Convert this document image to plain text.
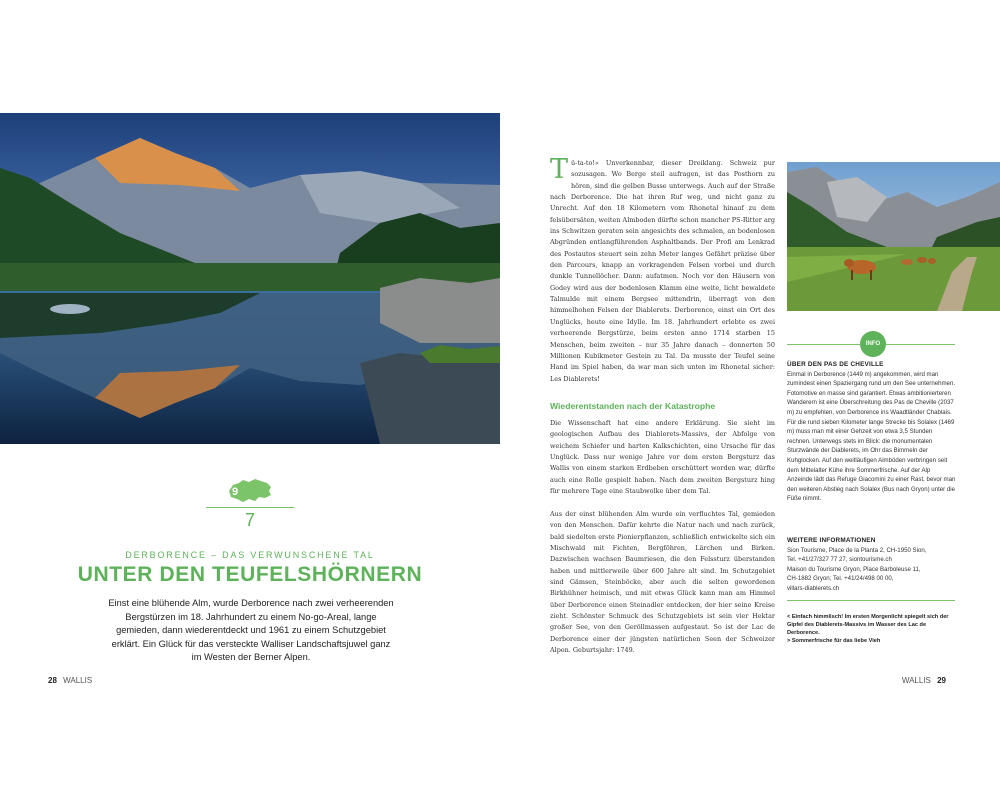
9
7
DERBORENCE – DAS VERWUNSCHENE TAL
UNTER DEN TEUFELSHÖRNERN
Einst eine blühende Alm, wurde Derborence nach zwei verheerenden Bergstürzen im 18. Jahrhundert zu einem No-go-Areal, lange gemieden, dann wiederentdeckt und 1961 zu einem Schutzgebiet erklärt. Ein Glück für das versteckte Walliser Landschaftsjuwel ganz im Westen der Berner Alpen.
28 WALLIS
T ü-ta-to!« Unverkennbar, dieser Dreiklang. Schweiz pur sozusagen. Wo Berge steil aufragen, ist das Posthorn zu hören, sind die gelben Busse unterwegs. Auch auf der Straße nach Derborence. Die hat ihren Ruf weg, und nicht ganz zu Unrecht. Auf den 18 Kilometern vom Rhonetal hinauf zu dem felsübersäten, weiten Almboden dürfte schon mancher PS-Ritter arg ins Schwitzen geraten sein angesichts des schmalen, an bodenlosen Abgründen entlangführenden Asphaltbands. Der Profi am Lenkrad des Postautos steuert sein zehn Meter langes Gefährt präzise über den Parcours, knapp an vorkragenden Felsen vorbei und durch dunkle Tunnellöcher. Dann: aufatmen. Noch vor den Häusern von Godey wird aus der bodenlosen Klamm eine weite, licht bewaldete Talmulde mit einem Bergsee mittendrin, überragt von den himmelhohen Felsen der Diablerets. Derborence, einst ein Ort des Unglücks, heute eine Idylle. Im 18. Jahrhundert erlebte es zwei verheerende Bergstürze, beim ersten anno 1714 starben 15 Menschen, beim zweiten – nur 35 Jahre danach – donnerten 50 Millionen Kubikmeter Gestein zu Tal. Da musste der Teufel seine Hand im Spiel haben, da war man sich unten im Rhonetal sicher: Les Diablerets!

Wiederentstanden nach der Katastrophe

Die Wissenschaft hat eine andere Erklärung. Sie sieht im geologischen Aufbau des Diablerets-Massivs, der Abfolge von weichem Schiefer und harten Kalkschichten, eine Ursache für das Unglück. Dass nur wenige Jahre vor dem ersten Bergsturz das Wallis von einem starken Erdbeben erschüttert worden war, dürfte auch eine Rolle gespielt haben. Nach dem zweiten Bergsturz hing für mehrere Tage eine Staubwolke über dem Tal.

Aus der einst blühenden Alm wurde ein verfluchtes Tal, gemieden von den Menschen. Dafür kehrte die Natur nach und nach zurück, bald siedelten erste Pionierpflanzen, schließlich entwickelte sich ein Mischwald mit Fichten, Bergföhren, Lärchen und Birken. Dazwischen wachsen Baumriesen, die den Felssturz überstanden haben und mittlerweile über 600 Jahre alt sind. Im Schutzgebiet sind Gämsen, Steinböcke, aber auch die selten gewordenen Birkhühner heimisch, und mit etwas Glück kann man am Himmel über Derborence einen Steinadler entdecken, der hier seine Kreise zieht. Schönster Schmuck des Schutzgebiets ist sein vier Hektar großer See, von den Geröllmassen aufgestaut. So ist der Lac de Derborence einer der jüngsten natürlichen Seen der Schweizer Alpen. Geburtsjahr: 1749.

INFO
ÜBER DEN PAS DE CHEVILLE
Einmal in Derborence (1449 m) angekommen, wird man zumindest einen Spaziergang rund um den See unternehmen. Fotomotive en masse sind garantiert. Etwas ambitionierteren Wanderern ist eine Überschreitung des Pas de Cheville (2037 m) zu empfehlen, von Derborence ins Waadtländer Chablais. Für die rund sieben Kilometer lange Strecke bis Solalex (1469 m) muss man mit einer Gehzeit von etwa 3,5 Stunden rechnen. Unterwegs stets im Blick: die monumentalen Sturzwände der Diablerets, im Ohr das Bimmeln der Kuhglocken. Auf den weitläufigen Almböden verbringen seit dem Mittelalter Kühe ihre Sommerfrische. Auf der Alp Anzeinde lädt das Refuge Giacomini zu einer Rast, bevor man den weiteren Abstieg nach Solalex (Bus nach Gryon) unter die Füße nimmt.
WEITERE INFORMATIONEN
Sion Tourisme, Place de la Planta 2, CH-1950 Sion,
Tel. +41/27/327 77 27, siontourisme.ch
Maison du Tourisme Gryon, Place Barboleuse 11,
CH-1882 Gryon; Tel. +41/24/498 00 00,
villars-diablerets.ch
< Einfach himmlisch! Im ersten Morgenlicht spiegelt sich der Gipfel des Diablerets-Massivs im Wasser des Lac de Derborence.
> Sommerfrische für das liebe Vieh
WALLIS 29
